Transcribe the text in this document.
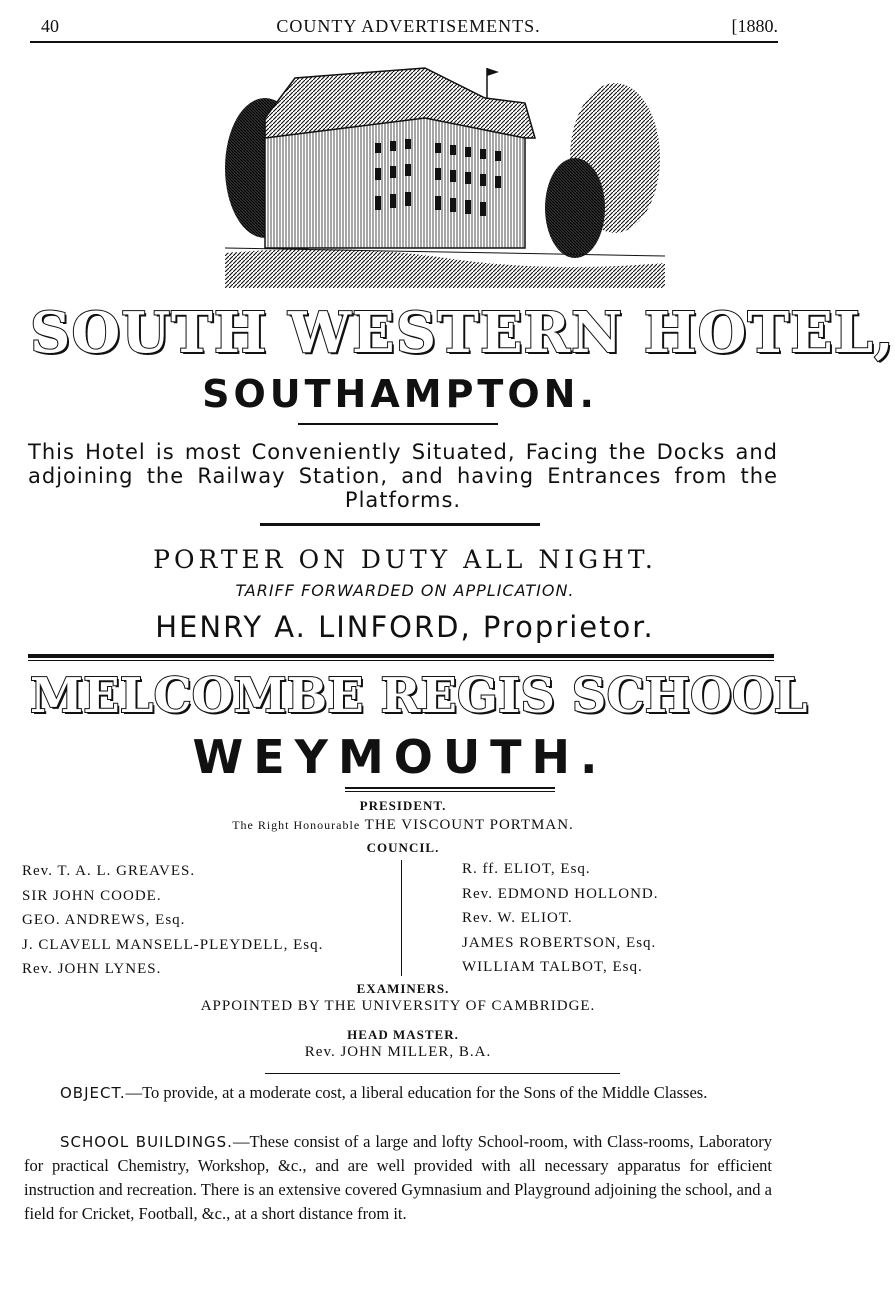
40	COUNTY ADVERTISEMENTS.	[1880.
SOUTH WESTERN HOTEL,
SOUTHAMPTON.
This Hotel is most Conveniently Situated, Facing the Docks and adjoining the Railway Station, and having Entrances from the Platforms.
PORTER ON DUTY ALL NIGHT.
TARIFF FORWARDED ON APPLICATION.
HENRY A. LINFORD, Proprietor.
MELCOMBE REGIS SCHOOL
WEYMOUTH.
PRESIDENT.
The Right Honourable THE VISCOUNT PORTMAN.
COUNCIL.
Rev. T. A. L. GREAVES.
SIR JOHN COODE.
GEO. ANDREWS, Esq.
J. CLAVELL MANSELL-PLEYDELL, Esq.
Rev. JOHN LYNES.
R. ff. ELIOT, Esq.
Rev. EDMOND HOLLOND.
Rev. W. ELIOT.
JAMES ROBERTSON, Esq.
WILLIAM TALBOT, Esq.
EXAMINERS.
APPOINTED BY THE UNIVERSITY OF CAMBRIDGE.
HEAD MASTER.
Rev. JOHN MILLER, B.A.

OBJECT.—To provide, at a moderate cost, a liberal education for the Sons of the Middle Classes.

SCHOOL BUILDINGS.—These consist of a large and lofty School-room, with Class-rooms, Laboratory for practical Chemistry, Workshop, &c., and are well provided with all necessary apparatus for efficient instruction and recreation. There is an extensive covered Gymnasium and Playground adjoining the school, and a field for Cricket, Football, &c., at a short distance from it.
